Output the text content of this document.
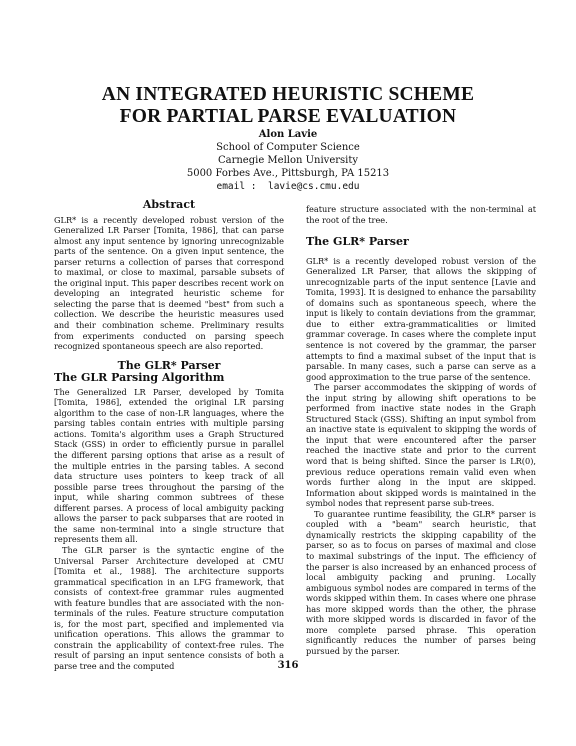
AN INTEGRATED HEURISTIC SCHEME
FOR PARTIAL PARSE EVALUATION
Alon Lavie
School of Computer Science
Carnegie Mellon University
5000 Forbes Ave., Pittsburgh, PA 15213
email : lavie@cs.cmu.edu
Abstract

GLR* is a recently developed robust version of the Generalized LR Parser [Tomita, 1986], that can parse almost any input sentence by ignoring unrecognizable parts of the sentence. On a given input sentence, the parser returns a collection of parses that correspond to maximal, or close to maximal, parsable subsets of the original input. This paper describes recent work on developing an integrated heuristic scheme for selecting the parse that is deemed "best" from such a collection. We describe the heuristic measures used and their combination scheme. Preliminary results from experiments conducted on parsing speech recognized spontaneous speech are also reported.

The GLR* Parser
The GLR Parsing Algorithm

The Generalized LR Parser, developed by Tomita [Tomita, 1986], extended the original LR parsing algorithm to the case of non-LR languages, where the parsing tables contain entries with multiple parsing actions. Tomita's algorithm uses a Graph Structured Stack (GSS) in order to efficiently pursue in parallel the different parsing options that arise as a result of the multiple entries in the parsing tables. A second data structure uses pointers to keep track of all possible parse trees throughout the parsing of the input, while sharing common subtrees of these different parses. A process of local ambiguity packing allows the parser to pack subparses that are rooted in the same non-terminal into a single structure that represents them all.

The GLR parser is the syntactic engine of the Universal Parser Architecture developed at CMU [Tomita et al., 1988]. The architecture supports grammatical specification in an LFG framework, that consists of context-free grammar rules augmented with feature bundles that are associated with the non-terminals of the rules. Feature structure computation is, for the most part, specified and implemented via unification operations. This allows the grammar to constrain the applicability of context-free rules. The result of parsing an input sentence consists of both a parse tree and the computed

feature structure associated with the non-terminal at the root of the tree.

The GLR* Parser

GLR* is a recently developed robust version of the Generalized LR Parser, that allows the skipping of unrecognizable parts of the input sentence [Lavie and Tomita, 1993]. It is designed to enhance the parsability of domains such as spontaneous speech, where the input is likely to contain deviations from the grammar, due to either extra-grammaticalities or limited grammar coverage. In cases where the complete input sentence is not covered by the grammar, the parser attempts to find a maximal subset of the input that is parsable. In many cases, such a parse can serve as a good approximation to the true parse of the sentence.

The parser accommodates the skipping of words of the input string by allowing shift operations to be performed from inactive state nodes in the Graph Structured Stack (GSS). Shifting an input symbol from an inactive state is equivalent to skipping the words of the input that were encountered after the parser reached the inactive state and prior to the current word that is being shifted. Since the parser is LR(0), previous reduce operations remain valid even when words further along in the input are skipped. Information about skipped words is maintained in the symbol nodes that represent parse sub-trees.

To guarantee runtime feasibility, the GLR* parser is coupled with a "beam" search heuristic, that dynamically restricts the skipping capability of the parser, so as to focus on parses of maximal and close to maximal substrings of the input. The efficiency of the parser is also increased by an enhanced process of local ambiguity packing and pruning. Locally ambiguous symbol nodes are compared in terms of the words skipped within them. In cases where one phrase has more skipped words than the other, the phrase with more skipped words is discarded in favor of the more complete parsed phrase. This operation significantly reduces the number of parses being pursued by the parser.

316
